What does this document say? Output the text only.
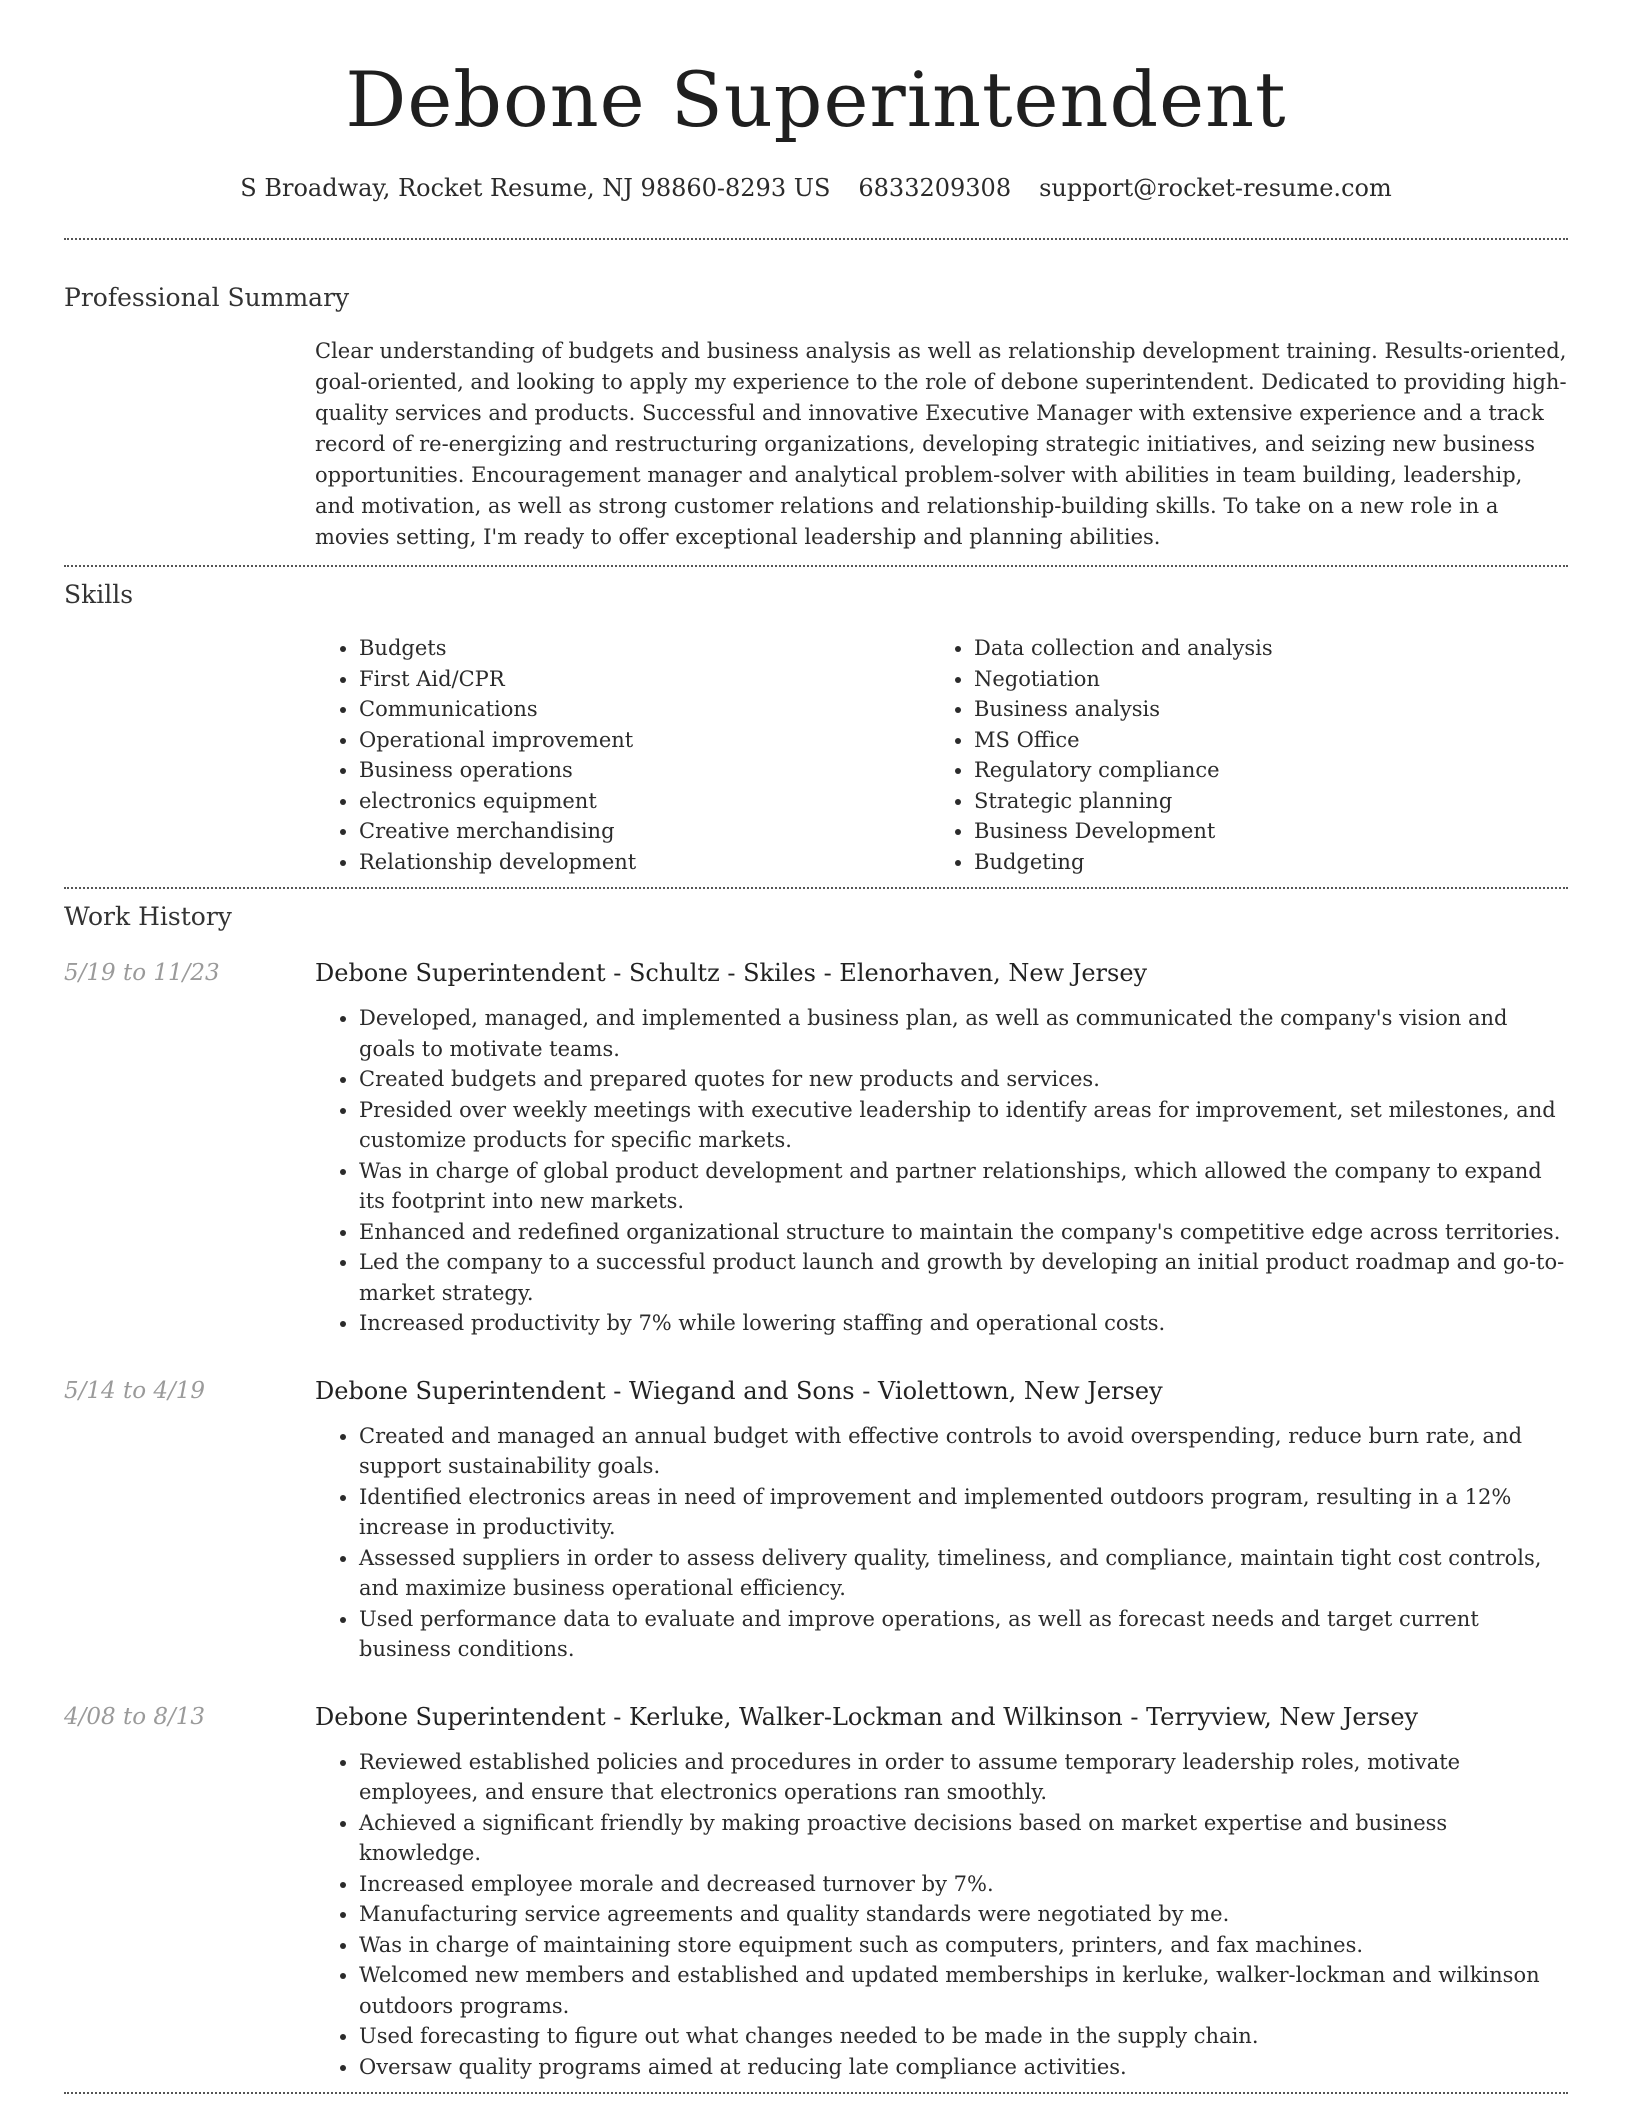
Debone Superintendent
S Broadway, Rocket Resume, NJ 98860-8293 US 6833209308 support@rocket-resume.com
Professional Summary
Clear understanding of budgets and business analysis as well as relationship development training. Results-oriented, goal-oriented, and looking to apply my experience to the role of debone superintendent. Dedicated to providing high-quality services and products. Successful and innovative Executive Manager with extensive experience and a track record of re-energizing and restructuring organizations, developing strategic initiatives, and seizing new business opportunities. Encouragement manager and analytical problem-solver with abilities in team building, leadership, and motivation, as well as strong customer relations and relationship-building skills. To take on a new role in a movies setting, I'm ready to offer exceptional leadership and planning abilities.
Skills
• Budgets
• First Aid/CPR
• Communications
• Operational improvement
• Business operations
• electronics equipment
• Creative merchandising
• Relationship development
• Data collection and analysis
• Negotiation
• Business analysis
• MS Office
• Regulatory compliance
• Strategic planning
• Business Development
• Budgeting
Work History
5/19 to 11/23	Debone Superintendent - Schultz - Skiles - Elenorhaven, New Jersey
• Developed, managed, and implemented a business plan, as well as communicated the company's vision and goals to motivate teams.
• Created budgets and prepared quotes for new products and services.
• Presided over weekly meetings with executive leadership to identify areas for improvement, set milestones, and customize products for specific markets.
• Was in charge of global product development and partner relationships, which allowed the company to expand its footprint into new markets.
• Enhanced and redefined organizational structure to maintain the company's competitive edge across territories.
• Led the company to a successful product launch and growth by developing an initial product roadmap and go-to-market strategy.
• Increased productivity by 7% while lowering staffing and operational costs.
5/14 to 4/19	Debone Superintendent - Wiegand and Sons - Violettown, New Jersey
• Created and managed an annual budget with effective controls to avoid overspending, reduce burn rate, and support sustainability goals.
• Identified electronics areas in need of improvement and implemented outdoors program, resulting in a 12% increase in productivity.
• Assessed suppliers in order to assess delivery quality, timeliness, and compliance, maintain tight cost controls, and maximize business operational efficiency.
• Used performance data to evaluate and improve operations, as well as forecast needs and target current business conditions.
4/08 to 8/13	Debone Superintendent - Kerluke, Walker-Lockman and Wilkinson - Terryview, New Jersey
• Reviewed established policies and procedures in order to assume temporary leadership roles, motivate employees, and ensure that electronics operations ran smoothly.
• Achieved a significant friendly by making proactive decisions based on market expertise and business knowledge.
• Increased employee morale and decreased turnover by 7%.
• Manufacturing service agreements and quality standards were negotiated by me.
• Was in charge of maintaining store equipment such as computers, printers, and fax machines.
• Welcomed new members and established and updated memberships in kerluke, walker-lockman and wilkinson outdoors programs.
• Used forecasting to figure out what changes needed to be made in the supply chain.
• Oversaw quality programs aimed at reducing late compliance activities.
